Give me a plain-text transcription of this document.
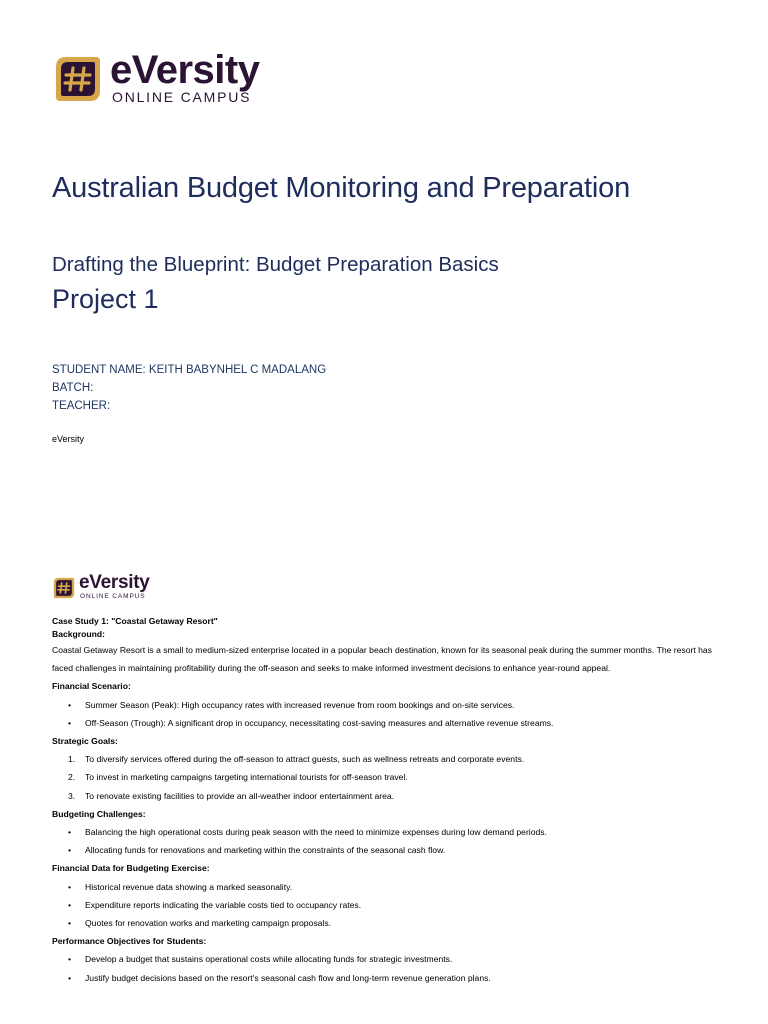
eVersity
ONLINE CAMPUS
Australian Budget Monitoring and Preparation
Drafting the Blueprint: Budget Preparation Basics
Project 1
STUDENT NAME: KEITH BABYNHEL C MADALANG
BATCH:
TEACHER:
eVersity
eVersity
ONLINE CAMPUS

Case Study 1: "Coastal Getaway Resort"

Background:

Coastal Getaway Resort is a small to medium-sized enterprise located in a popular beach destination, known for its seasonal peak during the summer months. The resort has faced challenges in maintaining profitability during the off-season and seeks to make informed investment decisions to enhance year-round appeal.

Financial Scenario:

• Summer Season (Peak): High occupancy rates with increased revenue from room bookings and on-site services.
• Off-Season (Trough): A significant drop in occupancy, necessitating cost-saving measures and alternative revenue streams.

Strategic Goals:

1. To diversify services offered during the off-season to attract guests, such as wellness retreats and corporate events.
2. To invest in marketing campaigns targeting international tourists for off-season travel.
3. To renovate existing facilities to provide an all-weather indoor entertainment area.

Budgeting Challenges:

• Balancing the high operational costs during peak season with the need to minimize expenses during low demand periods.
• Allocating funds for renovations and marketing within the constraints of the seasonal cash flow.

Financial Data for Budgeting Exercise:

• Historical revenue data showing a marked seasonality.
• Expenditure reports indicating the variable costs tied to occupancy rates.
• Quotes for renovation works and marketing campaign proposals.

Performance Objectives for Students:

• Develop a budget that sustains operational costs while allocating funds for strategic investments.
• Justify budget decisions based on the resort's seasonal cash flow and long-term revenue generation plans.
